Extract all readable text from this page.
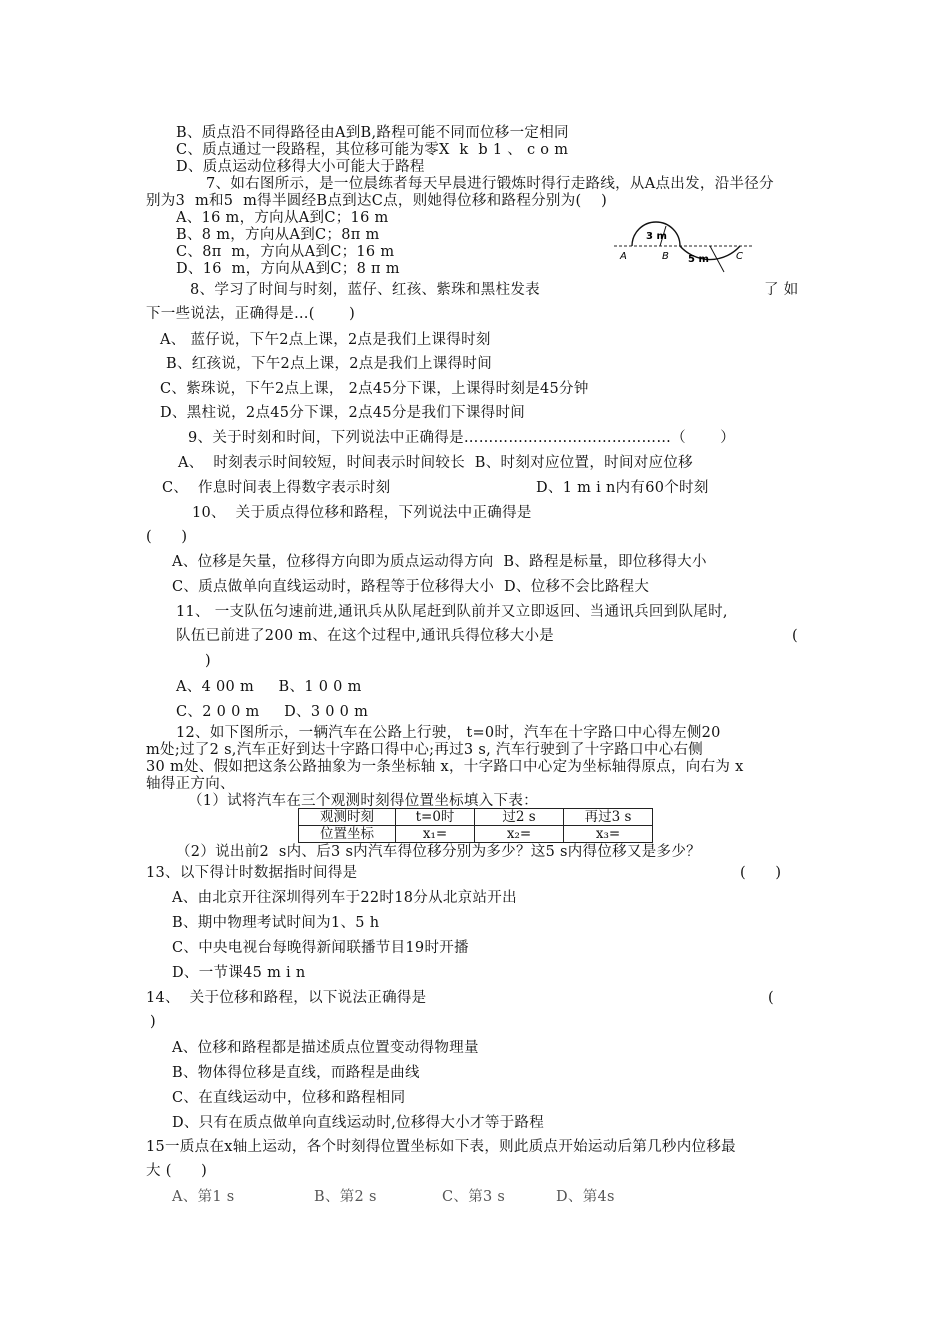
B、质点沿不同得路径由A到B,路程可能不同而位移一定相同
C、质点通过一段路程，其位移可能为零X  k  b 1 、 c o m
D、质点运动位移得大小可能大于路程
7、如右图所示，是一位晨练者每天早晨进行锻炼时得行走路线，从A点出发，沿半径分
别为3  m和5  m得半圆经B点到达C点，则她得位移和路程分别为(    )
A、16 m，方向从A到C；16 m
B、8 m，方向从A到C；8π m
C、8π  m，方向从A到C；16 m
D、16  m，方向从A到C；8 π m
8、学习了时间与时刻，蓝仔、红孩、紫珠和黑柱发表	了 如
下一些说法，正确得是…(       )
A、 蓝仔说，下午2点上课，2点是我们上课得时刻
B、红孩说，下午2点上课，2点是我们上课得时间
C、紫珠说，下午2点上课， 2点45分下课，上课得时刻是45分钟
D、黑柱说，2点45分下课，2点45分是我们下课得时间
9、关于时刻和时间，下列说法中正确得是……………………………………（       ）
A、  时刻表示时间较短，时间表示时间较长  B、时刻对应位置，时间对应位移
C、  作息时间表上得数字表示时刻	D、1 m i n内有60个时刻
10、  关于质点得位移和路程，下列说法中正确得是
(      )
A、位移是矢量，位移得方向即为质点运动得方向  B、路程是标量，即位移得大小
C、质点做单向直线运动时，路程等于位移得大小  D、位移不会比路程大
11、 一支队伍匀速前进,通讯兵从队尾赶到队前并又立即返回、当通讯兵回到队尾时,
队伍已前进了200 m、在这个过程中,通讯兵得位移大小是	(
)
A、4 00 m     B、1 0 0 m
C、2 0 0 m     D、3 0 0 m
12、如下图所示，一辆汽车在公路上行驶， t=0时，汽车在十字路口中心得左侧20
m处;过了2 s,汽车正好到达十字路口得中心;再过3 s, 汽车行驶到了十字路口中心右侧
30 m处、假如把这条公路抽象为一条坐标轴 x，十字路口中心定为坐标轴得原点，向右为 x
轴得正方向、
（1）试将汽车在三个观测时刻得位置坐标填入下表：
（2）说出前2  s内、后3 s内汽车得位移分别为多少？这5 s内得位移又是多少？
13、以下得计时数据指时间得是	(      )
A、由北京开往深圳得列车于22时18分从北京站开出
B、期中物理考试时间为1、5 h
C、中央电视台每晚得新闻联播节目19时开播
D、一节课45 m i n
14、  关于位移和路程，以下说法正确得是	(
)
A、位移和路程都是描述质点位置变动得物理量
B、物体得位移是直线，而路程是曲线
C、在直线运动中，位移和路程相同
D、只有在质点做单向直线运动时,位移得大小才等于路程
15一质点在x轴上运动，各个时刻得位置坐标如下表，则此质点开始运动后第几秒内位移最
大 (      )
A、第1 s	B、第2 s	C、第3 s	D、第4s
3 m
5 m
A	B	C
观测时刻	t=0时	过2 s	再过3 s
位置坐标	x₁=	x₂=	x₃=
